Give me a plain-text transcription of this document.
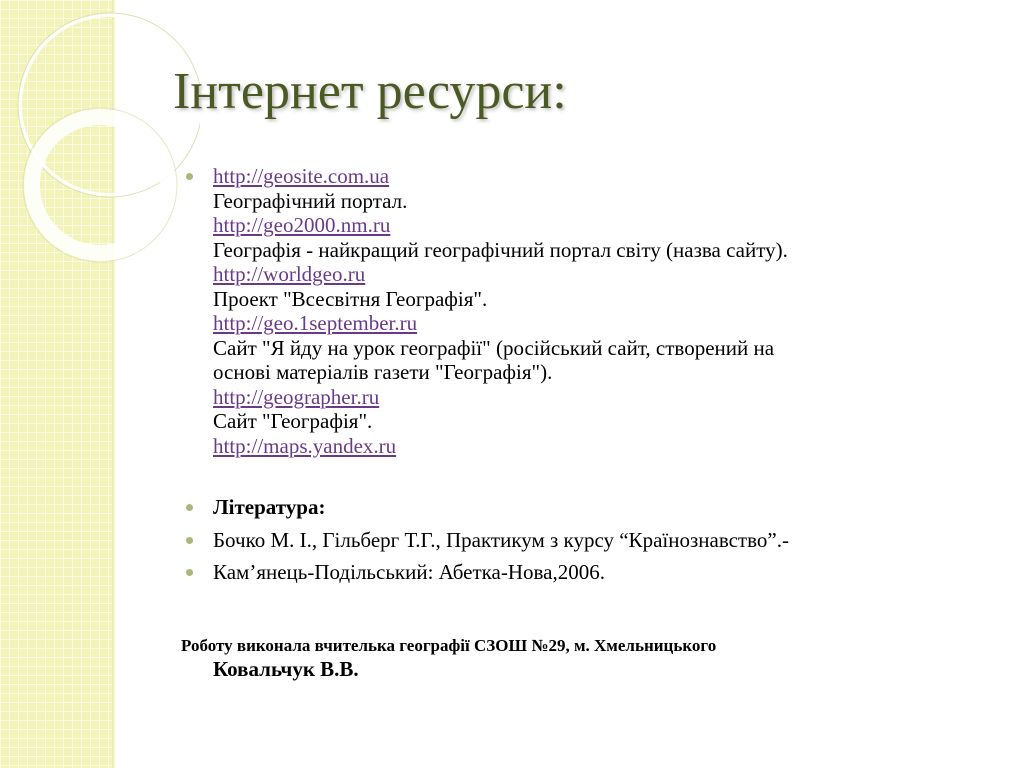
Інтернет ресурси:
http://geosite.com.ua
Географічний портал.
http://geo2000.nm.ru
Географія - найкращий географічний портал світу (назва сайту).
http://worldgeo.ru
Проект "Всесвітня Географія".
http://geo.1september.ru
Сайт "Я йду на урок географії" (російський сайт, створений на
основі матеріалів газети "Географія").
http://geographer.ru
Сайт "Географія".
http://maps.yandex.ru
Література:
Бочко М. І., Гільберг Т.Г., Практикум з курсу “Країнознавство”.-
Кам’янець-Подільський: Абетка-Нова,2006.
Роботу виконала вчителька географії СЗОШ №29, м. Хмельницького
Ковальчук В.В.
